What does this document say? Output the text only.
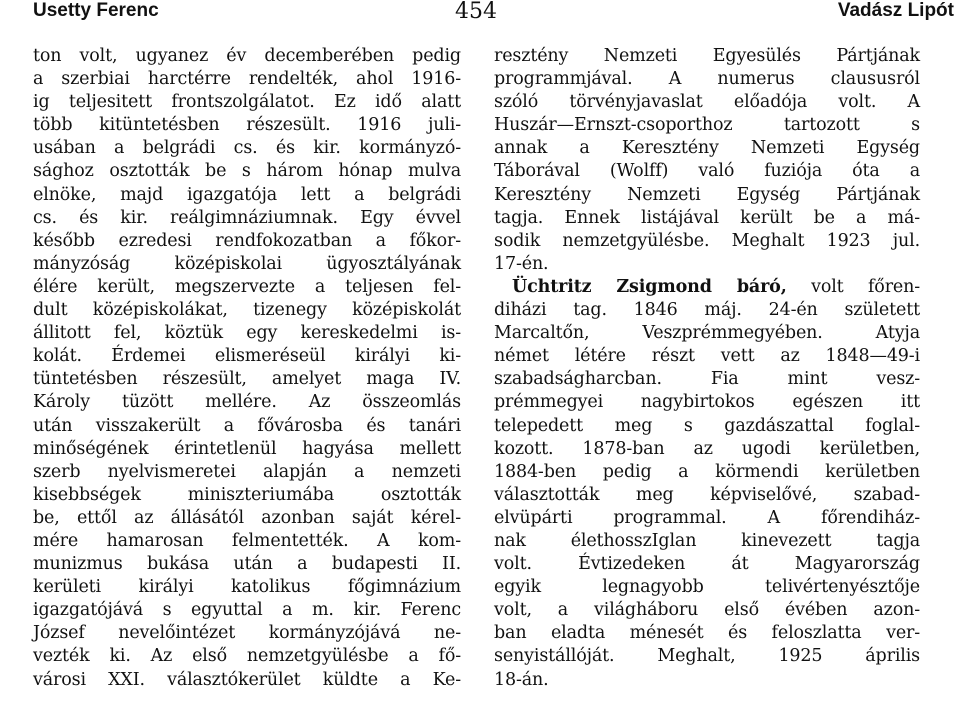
Usetty Ferenc	454	Vadász Lipót
ton volt, ugyanez év decemberében pedig
a szerbiai harctérre rendelték, ahol 1916-
ig teljesitett frontszolgálatot. Ez idő alatt
több kitüntetésben részesült. 1916 juli-
usában a belgrádi cs. és kir. kormányzó-
sághoz osztották be s három hónap mulva
elnöke, majd igazgatója lett a belgrádi
cs. és kir. reálgimnáziumnak. Egy évvel
később ezredesi rendfokozatban a főkor-
mányzóság középiskolai ügyosztályának
élére került, megszervezte a teljesen fel-
dult középiskolákat, tizenegy középiskolát
állitott fel, köztük egy kereskedelmi is-
kolát. Érdemei elismeréseül királyi ki-
tüntetésben részesült, amelyet maga IV.
Károly tüzött mellére. Az összeomlás
után visszakerült a fővárosba és tanári
minőségének érintetlenül hagyása mellett
szerb nyelvismeretei alapján a nemzeti
kisebbségek miniszteriumába osztották
be, ettől az állásától azonban saját kérel-
mére hamarosan felmentették. A kom-
munizmus bukása után a budapesti II.
kerületi királyi katolikus főgimnázium
igazgatójává s egyuttal a m. kir. Ferenc
József nevelőintézet kormányzójává ne-
vezték ki. Az első nemzetgyülésbe a fő-
városi XXI. választókerület küldte a Ke-
resztény Nemzeti Egyesülés Pártjának
programmjával. A numerus claususról
szóló törvényjavaslat előadója volt. A
Huszár—Ernszt-csoporthoz tartozott s
annak a Keresztény Nemzeti Egység
Táborával (Wolff) való fuziója óta a
Keresztény Nemzeti Egység Pártjának
tagja. Ennek listájával került be a má-
sodik nemzetgyülésbe. Meghalt 1923 jul.
17-én.
Üchtritz Zsigmond báró, volt főren-
diházi tag. 1846 máj. 24-én született
Marcaltőn, Veszprémmegyében. Atyja
német létére részt vett az 1848—49-i
szabadságharcban. Fia mint vesz-
prémmegyei nagybirtokos egészen itt
telepedett meg s gazdászattal foglal-
kozott. 1878-ban az ugodi kerületben,
1884-ben pedig a körmendi kerületben
választották meg képviselővé, szabad-
elvüpárti programmal. A főrendiház-
nak élethosszIglan kinevezett tagja
volt. Évtizedeken át Magyarország
egyik legnagyobb telivértenyésztője
volt, a világháboru első évében azon-
ban eladta ménesét és feloszlatta ver-
senyistállóját. Meghalt, 1925 április
18-án.
